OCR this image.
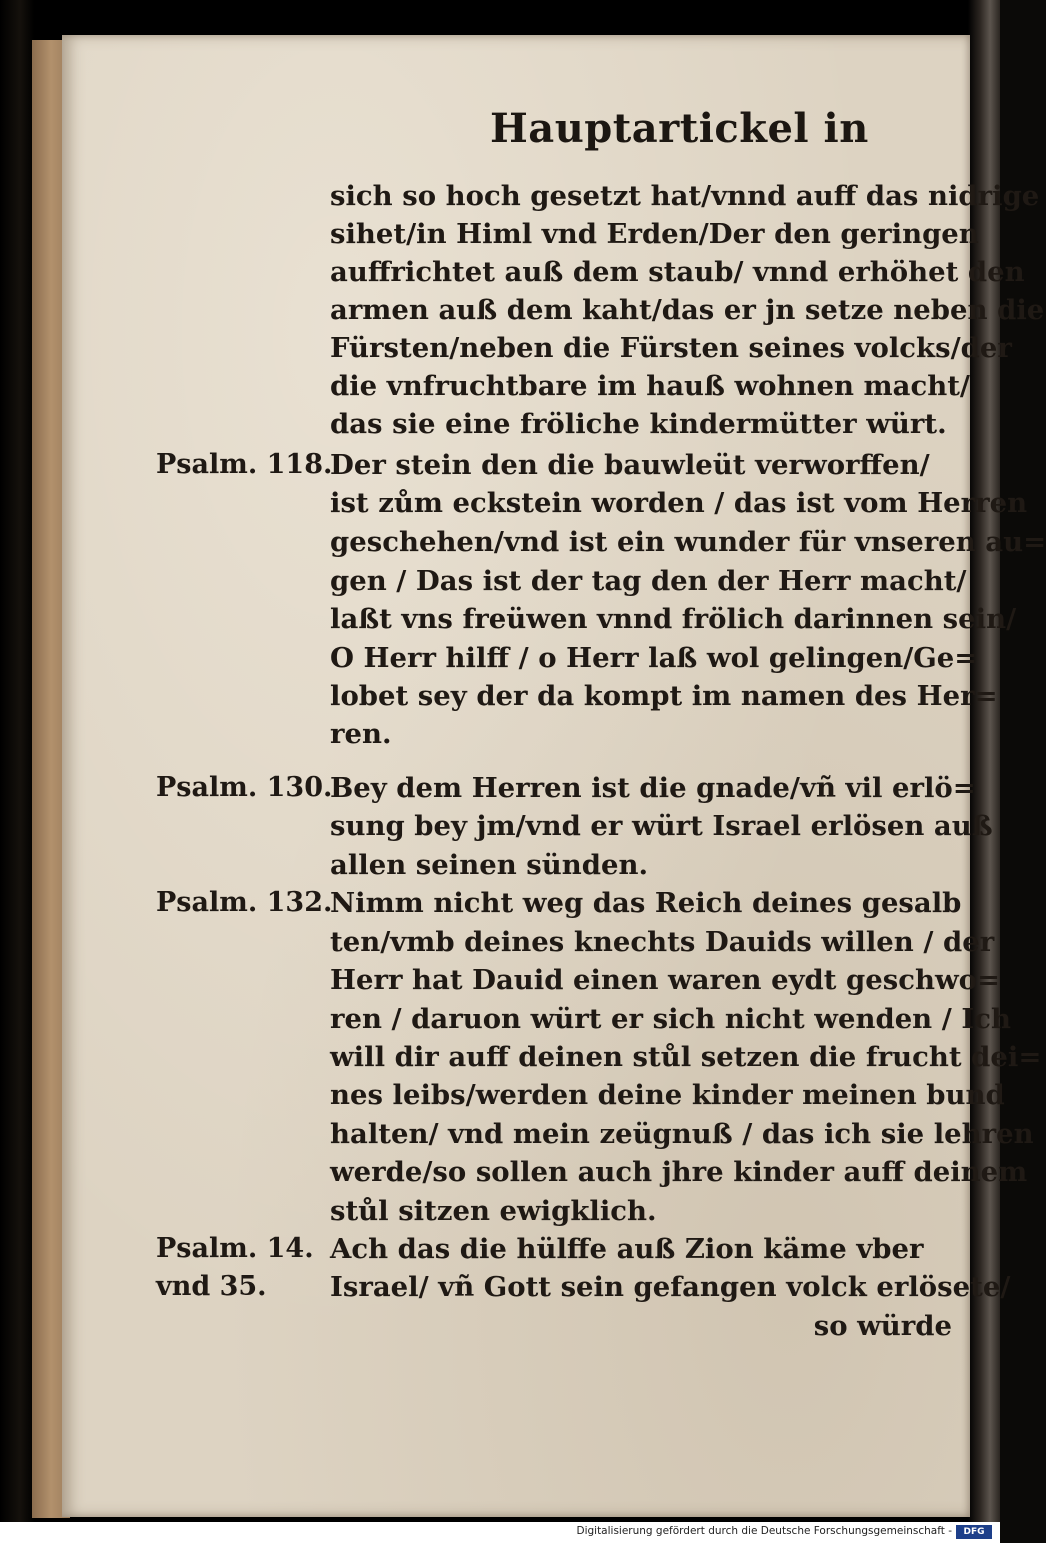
Hauptartickel in
sich so hoch gesetzt hat/vnnd auff das nidrige
sihet/in Himl vnd Erden/Der den geringen
auffrichtet auß dem staub/ vnnd erhöhet den
armen auß dem kaht/das er jn setze neben die
Fürsten/neben die Fürsten seines volcks/der
die vnfruchtbare im hauß wohnen macht/
das sie eine fröliche kindermütter würt.
Psalm. 118.
Der stein den die bauwleüt verworffen/
ist zům eckstein worden / das ist vom Herren
geschehen/vnd ist ein wunder für vnseren au=
gen / Das ist der tag den der Herr macht/
laßt vns freüwen vnnd frölich darinnen sein/
O Herr hilff / o Herr laß wol gelingen/Ge=
lobet sey der da kompt im namen des Her=
ren.
Psalm. 130.
Bey dem Herren ist die gnade/vñ vil erlö=
sung bey jm/vnd er würt Israel erlösen auß
allen seinen sünden.
Psalm. 132.
Nimm nicht weg das Reich deines gesalb
ten/vmb deines knechts Dauids willen / der
Herr hat Dauid einen waren eydt geschwo=
ren / daruon würt er sich nicht wenden / Ich
will dir auff deinen stůl setzen die frucht dei=
nes leibs/werden deine kinder meinen bund
halten/ vnd mein zeügnuß / das ich sie lehren
werde/so sollen auch jhre kinder auff deinem
stůl sitzen ewigklich.
Psalm. 14. Ach das die hülffe auß Zion käme vber
vnd 35.	Israel/ vñ Gott sein gefangen volck erlösete/
so würde
Digitalisierung gefördert durch die Deutsche Forschungsgemeinschaft -	DFG
